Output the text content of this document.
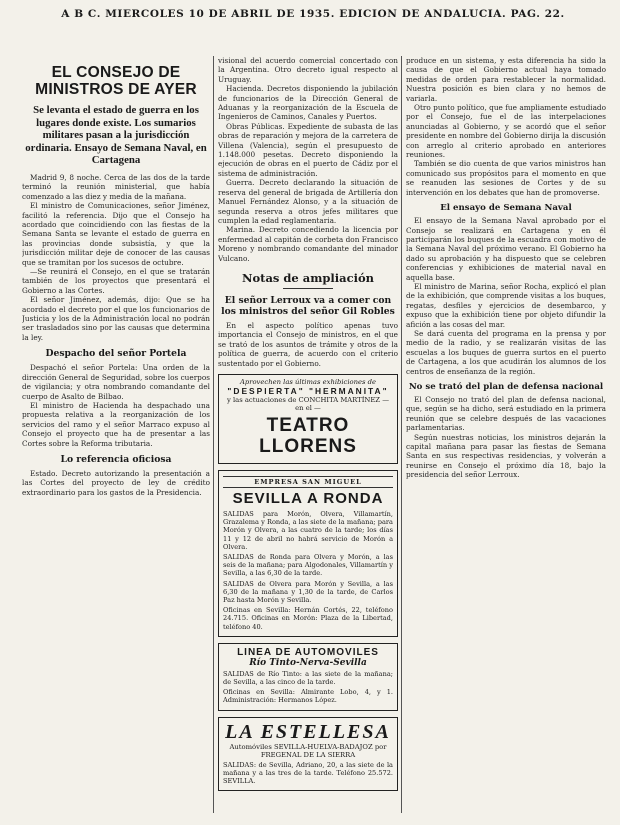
A B C. MIERCOLES 10 DE ABRIL DE 1935. EDICION DE ANDALUCIA. PAG. 22.
EL CONSEJO DE MINISTROS DE AYER
Se levanta el estado de guerra en los lugares donde existe. Los sumarios militares pasan a la jurisdicción ordinaria. Ensayo de Semana Naval, en Cartagena

Madrid 9, 8 noche. Cerca de las dos de la tarde terminó la reunión ministerial, que había comenzado a las diez y media de la mañana.

El ministro de Comunicaciones, señor Jiménez, facilitó la referencia. Dijo que el Consejo ha acordado que coincidiendo con las fiestas de la Semana Santa se levante el estado de guerra en las provincias donde subsistía, y que la jurisdicción militar deje de conocer de las causas que se tramitan por los sucesos de octubre.

—Se reunirá el Consejo, en el que se tratarán también de los proyectos que presentará el Gobierno a las Cortes.

El señor Jiménez, además, dijo: Que se ha acordado el decreto por el que los funcionarios de Justicia y los de la Administración local no podrán ser trasladados sino por las causas que determina la ley.

Despacho del señor Portela

Despachó el señor Portela: Una orden de la dirección General de Seguridad, sobre los cuerpos de vigilancia; y otra nombrando comandante del cuerpo de Asalto de Bilbao.

El ministro de Hacienda ha despachado una propuesta relativa a la reorganización de los servicios del ramo y el señor Marraco expuso al Consejo el proyecto que ha de presentar a las Cortes sobre la Reforma tributaria.

Lo referencia oficiosa

Estado. Decreto autorizando la presentación a las Cortes del proyecto de ley de crédito extraordinario para los gastos de la Presidencia.

visional del acuerdo comercial concertado con la Argentina. Otro decreto igual respecto al Uruguay.

Hacienda. Decretos disponiendo la jubilación de funcionarios de la Dirección General de Aduanas y la reorganización de la Escuela de Ingenieros de Caminos, Canales y Puertos.

Obras Públicas. Expediente de subasta de las obras de reparación y mejora de la carretera de Villena (Valencia), según el presupuesto de 1.148.000 pesetas. Decreto disponiendo la ejecución de obras en el puerto de Cádiz por el sistema de administración.

Guerra. Decreto declarando la situación de reserva del general de brigada de Artillería don Manuel Fernández Alonso, y a la situación de segunda reserva a otros jefes militares que cumplen la edad reglamentaria.

Marina. Decreto concediendo la licencia por enfermedad al capitán de corbeta don Francisco Moreno y nombrando comandante del minador Vulcano.

Notas de ampliación
El señor Lerroux va a comer con los ministros del señor Gil Robles

En el aspecto político apenas tuvo importancia el Consejo de ministros, en el que se trató de los asuntos de trámite y otros de la política de guerra, de acuerdo con el criterio sustentado por el Gobierno.

Aprovechen las últimas exhibiciones de
"DESPIERTA" "HERMANITA"
y las actuaciones de CONCHITA MARTÍNEZ — en el —
TEATRO LLORENS
EMPRESA SAN MIGUEL
SEVILLA A RONDA

SALIDAS para Morón, Olvera, Villamartín, Grazalema y Ronda, a las siete de la mañana; para Morón y Olvera, a las cuatro de la tarde; los días 11 y 12 de abril no habrá servicio de Morón a Olvera.

SALIDAS de Ronda para Olvera y Morón, a las seis de la mañana; para Algodonales, Villamartín y Sevilla, a las 6,30 de la tarde.

SALIDAS de Olvera para Morón y Sevilla, a las 6,30 de la mañana y 1,30 de la tarde, de Carlos Paz hasta Morón y Sevilla.

Oficinas en Sevilla: Hernán Cortés, 22, teléfono 24.715. Oficinas en Morón: Plaza de la Libertad, teléfono 40.

LINEA DE AUTOMOVILES
Río Tinto-Nerva-Sevilla

SALIDAS de Río Tinto: a las siete de la mañana; de Sevilla, a las cinco de la tarde.

Oficinas en Sevilla: Almirante Lobo, 4, y 1. Administración: Hermanos López.

LA ESTELLESA
Automóviles SEVILLA-HUELVA-BADAJOZ por FREGENAL DE LA SIERRA

SALIDAS: de Sevilla, Adriano, 20, a las siete de la mañana y a las tres de la tarde. Teléfono 25.572. SEVILLA.

produce en un sistema, y esta diferencia ha sido la causa de que el Gobierno actual haya tomado medidas de orden para restablecer la normalidad. Nuestra posición es bien clara y no hemos de variarla.

Otro punto político, que fue ampliamente estudiado por el Consejo, fue el de las interpelaciones anunciadas al Gobierno, y se acordó que el señor presidente en nombre del Gobierno dirija la discusión con arreglo al criterio aprobado en anteriores reuniones.

También se dio cuenta de que varios ministros han comunicado sus propósitos para el momento en que se reanuden las sesiones de Cortes y de su intervención en los debates que han de promoverse.

El ensayo de Semana Naval

El ensayo de la Semana Naval aprobado por el Consejo se realizará en Cartagena y en él participarán los buques de la escuadra con motivo de la Semana Naval del próximo verano. El Gobierno ha dado su aprobación y ha dispuesto que se celebren conferencias y exhibiciones de material naval en aquella base.

El ministro de Marina, señor Rocha, explicó el plan de la exhibición, que comprende visitas a los buques, regatas, desfiles y ejercicios de desembarco, y expuso que la exhibición tiene por objeto difundir la afición a las cosas del mar.

Se dará cuenta del programa en la prensa y por medio de la radio, y se realizarán visitas de las escuelas a los buques de guerra surtos en el puerto de Cartagena, a los que acudirán los alumnos de los centros de enseñanza de la región.

No se trató del plan de defensa nacional

El Consejo no trató del plan de defensa nacional, que, según se ha dicho, será estudiado en la primera reunión que se celebre después de las vacaciones parlamentarias.

Según nuestras noticias, los ministros dejarán la capital mañana para pasar las fiestas de Semana Santa en sus respectivas residencias, y volverán a reunirse en Consejo el próximo día 18, bajo la presidencia del señor Lerroux.
